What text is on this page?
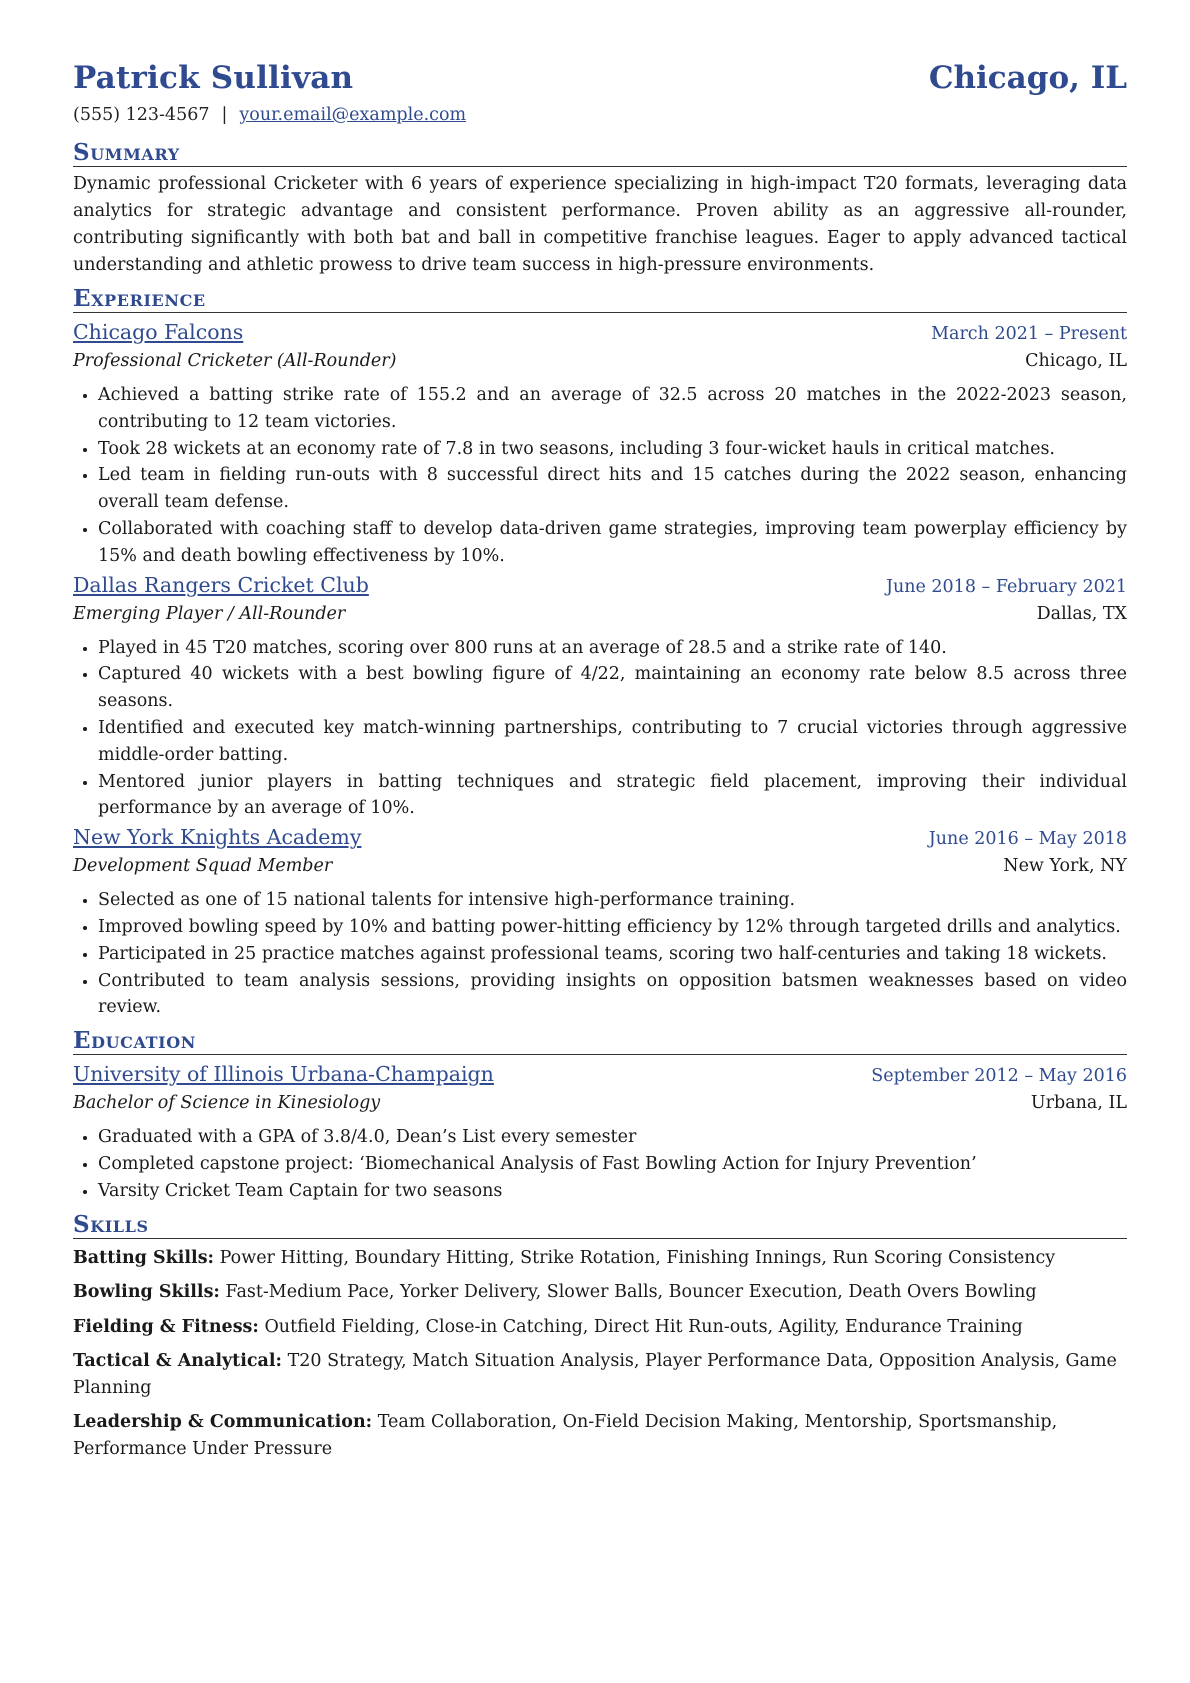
Patrick Sullivan	Chicago, IL
(555) 123-4567 | your.email@example.com
Summary
Dynamic professional Cricketer with 6 years of experience specializing in high-impact T20 formats, leveraging data analytics for strategic advantage and consistent performance. Proven ability as an aggressive all-rounder, contributing significantly with both bat and ball in competitive franchise leagues. Eager to apply advanced tactical understanding and athletic prowess to drive team success in high-pressure environments.
Experience
Chicago Falcons	March 2021 – Present
Professional Cricketer (All-Rounder)	Chicago, IL
• Achieved a batting strike rate of 155.2 and an average of 32.5 across 20 matches in the 2022-2023 season, contributing to 12 team victories.
• Took 28 wickets at an economy rate of 7.8 in two seasons, including 3 four-wicket hauls in critical matches.
• Led team in fielding run-outs with 8 successful direct hits and 15 catches during the 2022 season, enhancing overall team defense.
• Collaborated with coaching staff to develop data-driven game strategies, improving team powerplay efficiency by 15% and death bowling effectiveness by 10%.
Dallas Rangers Cricket Club	June 2018 – February 2021
Emerging Player / All-Rounder	Dallas, TX
• Played in 45 T20 matches, scoring over 800 runs at an average of 28.5 and a strike rate of 140.
• Captured 40 wickets with a best bowling figure of 4/22, maintaining an economy rate below 8.5 across three seasons.
• Identified and executed key match-winning partnerships, contributing to 7 crucial victories through aggressive middle-order batting.
• Mentored junior players in batting techniques and strategic field placement, improving their individual performance by an average of 10%.
New York Knights Academy	June 2016 – May 2018
Development Squad Member	New York, NY
• Selected as one of 15 national talents for intensive high-performance training.
• Improved bowling speed by 10% and batting power-hitting efficiency by 12% through targeted drills and analytics.
• Participated in 25 practice matches against professional teams, scoring two half-centuries and taking 18 wickets.
• Contributed to team analysis sessions, providing insights on opposition batsmen weaknesses based on video review.
Education
University of Illinois Urbana-Champaign	September 2012 – May 2016
Bachelor of Science in Kinesiology	Urbana, IL
• Graduated with a GPA of 3.8/4.0, Dean’s List every semester
• Completed capstone project: ‘Biomechanical Analysis of Fast Bowling Action for Injury Prevention’
• Varsity Cricket Team Captain for two seasons
Skills
Batting Skills: Power Hitting, Boundary Hitting, Strike Rotation, Finishing Innings, Run Scoring Consistency
Bowling Skills: Fast-Medium Pace, Yorker Delivery, Slower Balls, Bouncer Execution, Death Overs Bowling
Fielding & Fitness: Outfield Fielding, Close-in Catching, Direct Hit Run-outs, Agility, Endurance Training
Tactical & Analytical: T20 Strategy, Match Situation Analysis, Player Performance Data, Opposition Analysis, Game Planning
Leadership & Communication: Team Collaboration, On-Field Decision Making, Mentorship, Sportsmanship, Performance Under Pressure
